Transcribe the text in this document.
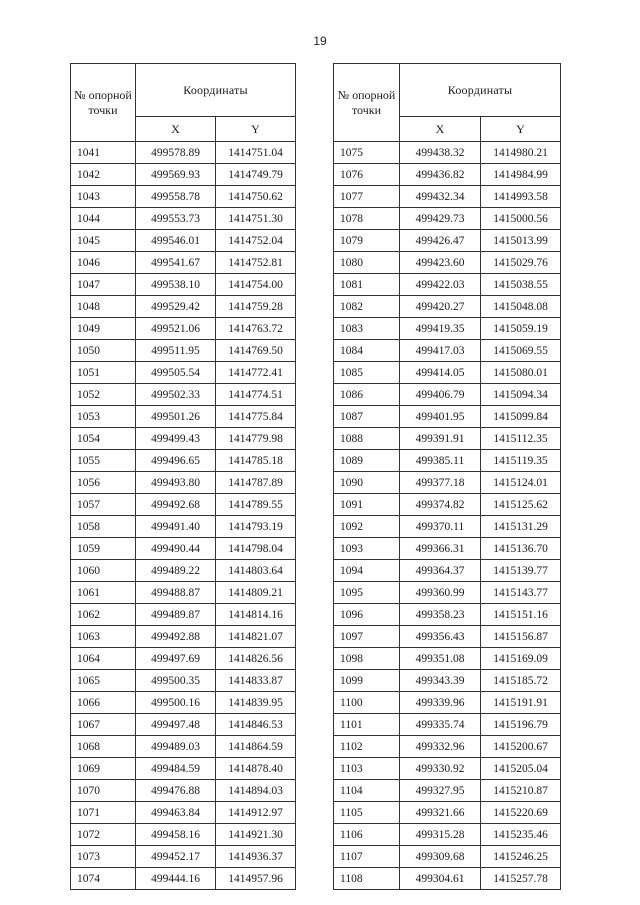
19
№ опорной точки	Координаты	
	X	Y
1041	499578.89	1414751.04
1042	499569.93	1414749.79
1043	499558.78	1414750.62
1044	499553.73	1414751.30
1045	499546.01	1414752.04
1046	499541.67	1414752.81
1047	499538.10	1414754.00
1048	499529.42	1414759.28
1049	499521.06	1414763.72
1050	499511.95	1414769.50
1051	499505.54	1414772.41
1052	499502.33	1414774.51
1053	499501.26	1414775.84
1054	499499.43	1414779.98
1055	499496.65	1414785.18
1056	499493.80	1414787.89
1057	499492.68	1414789.55
1058	499491.40	1414793.19
1059	499490.44	1414798.04
1060	499489.22	1414803.64
1061	499488.87	1414809.21
1062	499489.87	1414814.16
1063	499492.88	1414821.07
1064	499497.69	1414826.56
1065	499500.35	1414833.87
1066	499500.16	1414839.95
1067	499497.48	1414846.53
1068	499489.03	1414864.59
1069	499484.59	1414878.40
1070	499476.88	1414894.03
1071	499463.84	1414912.97
1072	499458.16	1414921.30
1073	499452.17	1414936.37
1074	499444.16	1414957.96
№ опорной точки	Координаты	
	X	Y
1075	499438.32	1414980.21
1076	499436.82	1414984.99
1077	499432.34	1414993.58
1078	499429.73	1415000.56
1079	499426.47	1415013.99
1080	499423.60	1415029.76
1081	499422.03	1415038.55
1082	499420.27	1415048.08
1083	499419.35	1415059.19
1084	499417.03	1415069.55
1085	499414.05	1415080.01
1086	499406.79	1415094.34
1087	499401.95	1415099.84
1088	499391.91	1415112.35
1089	499385.11	1415119.35
1090	499377.18	1415124.01
1091	499374.82	1415125.62
1092	499370.11	1415131.29
1093	499366.31	1415136.70
1094	499364.37	1415139.77
1095	499360.99	1415143.77
1096	499358.23	1415151.16
1097	499356.43	1415156.87
1098	499351.08	1415169.09
1099	499343.39	1415185.72
1100	499339.96	1415191.91
1101	499335.74	1415196.79
1102	499332.96	1415200.67
1103	499330.92	1415205.04
1104	499327.95	1415210.87
1105	499321.66	1415220.69
1106	499315.28	1415235.46
1107	499309.68	1415246.25
1108	499304.61	1415257.78
